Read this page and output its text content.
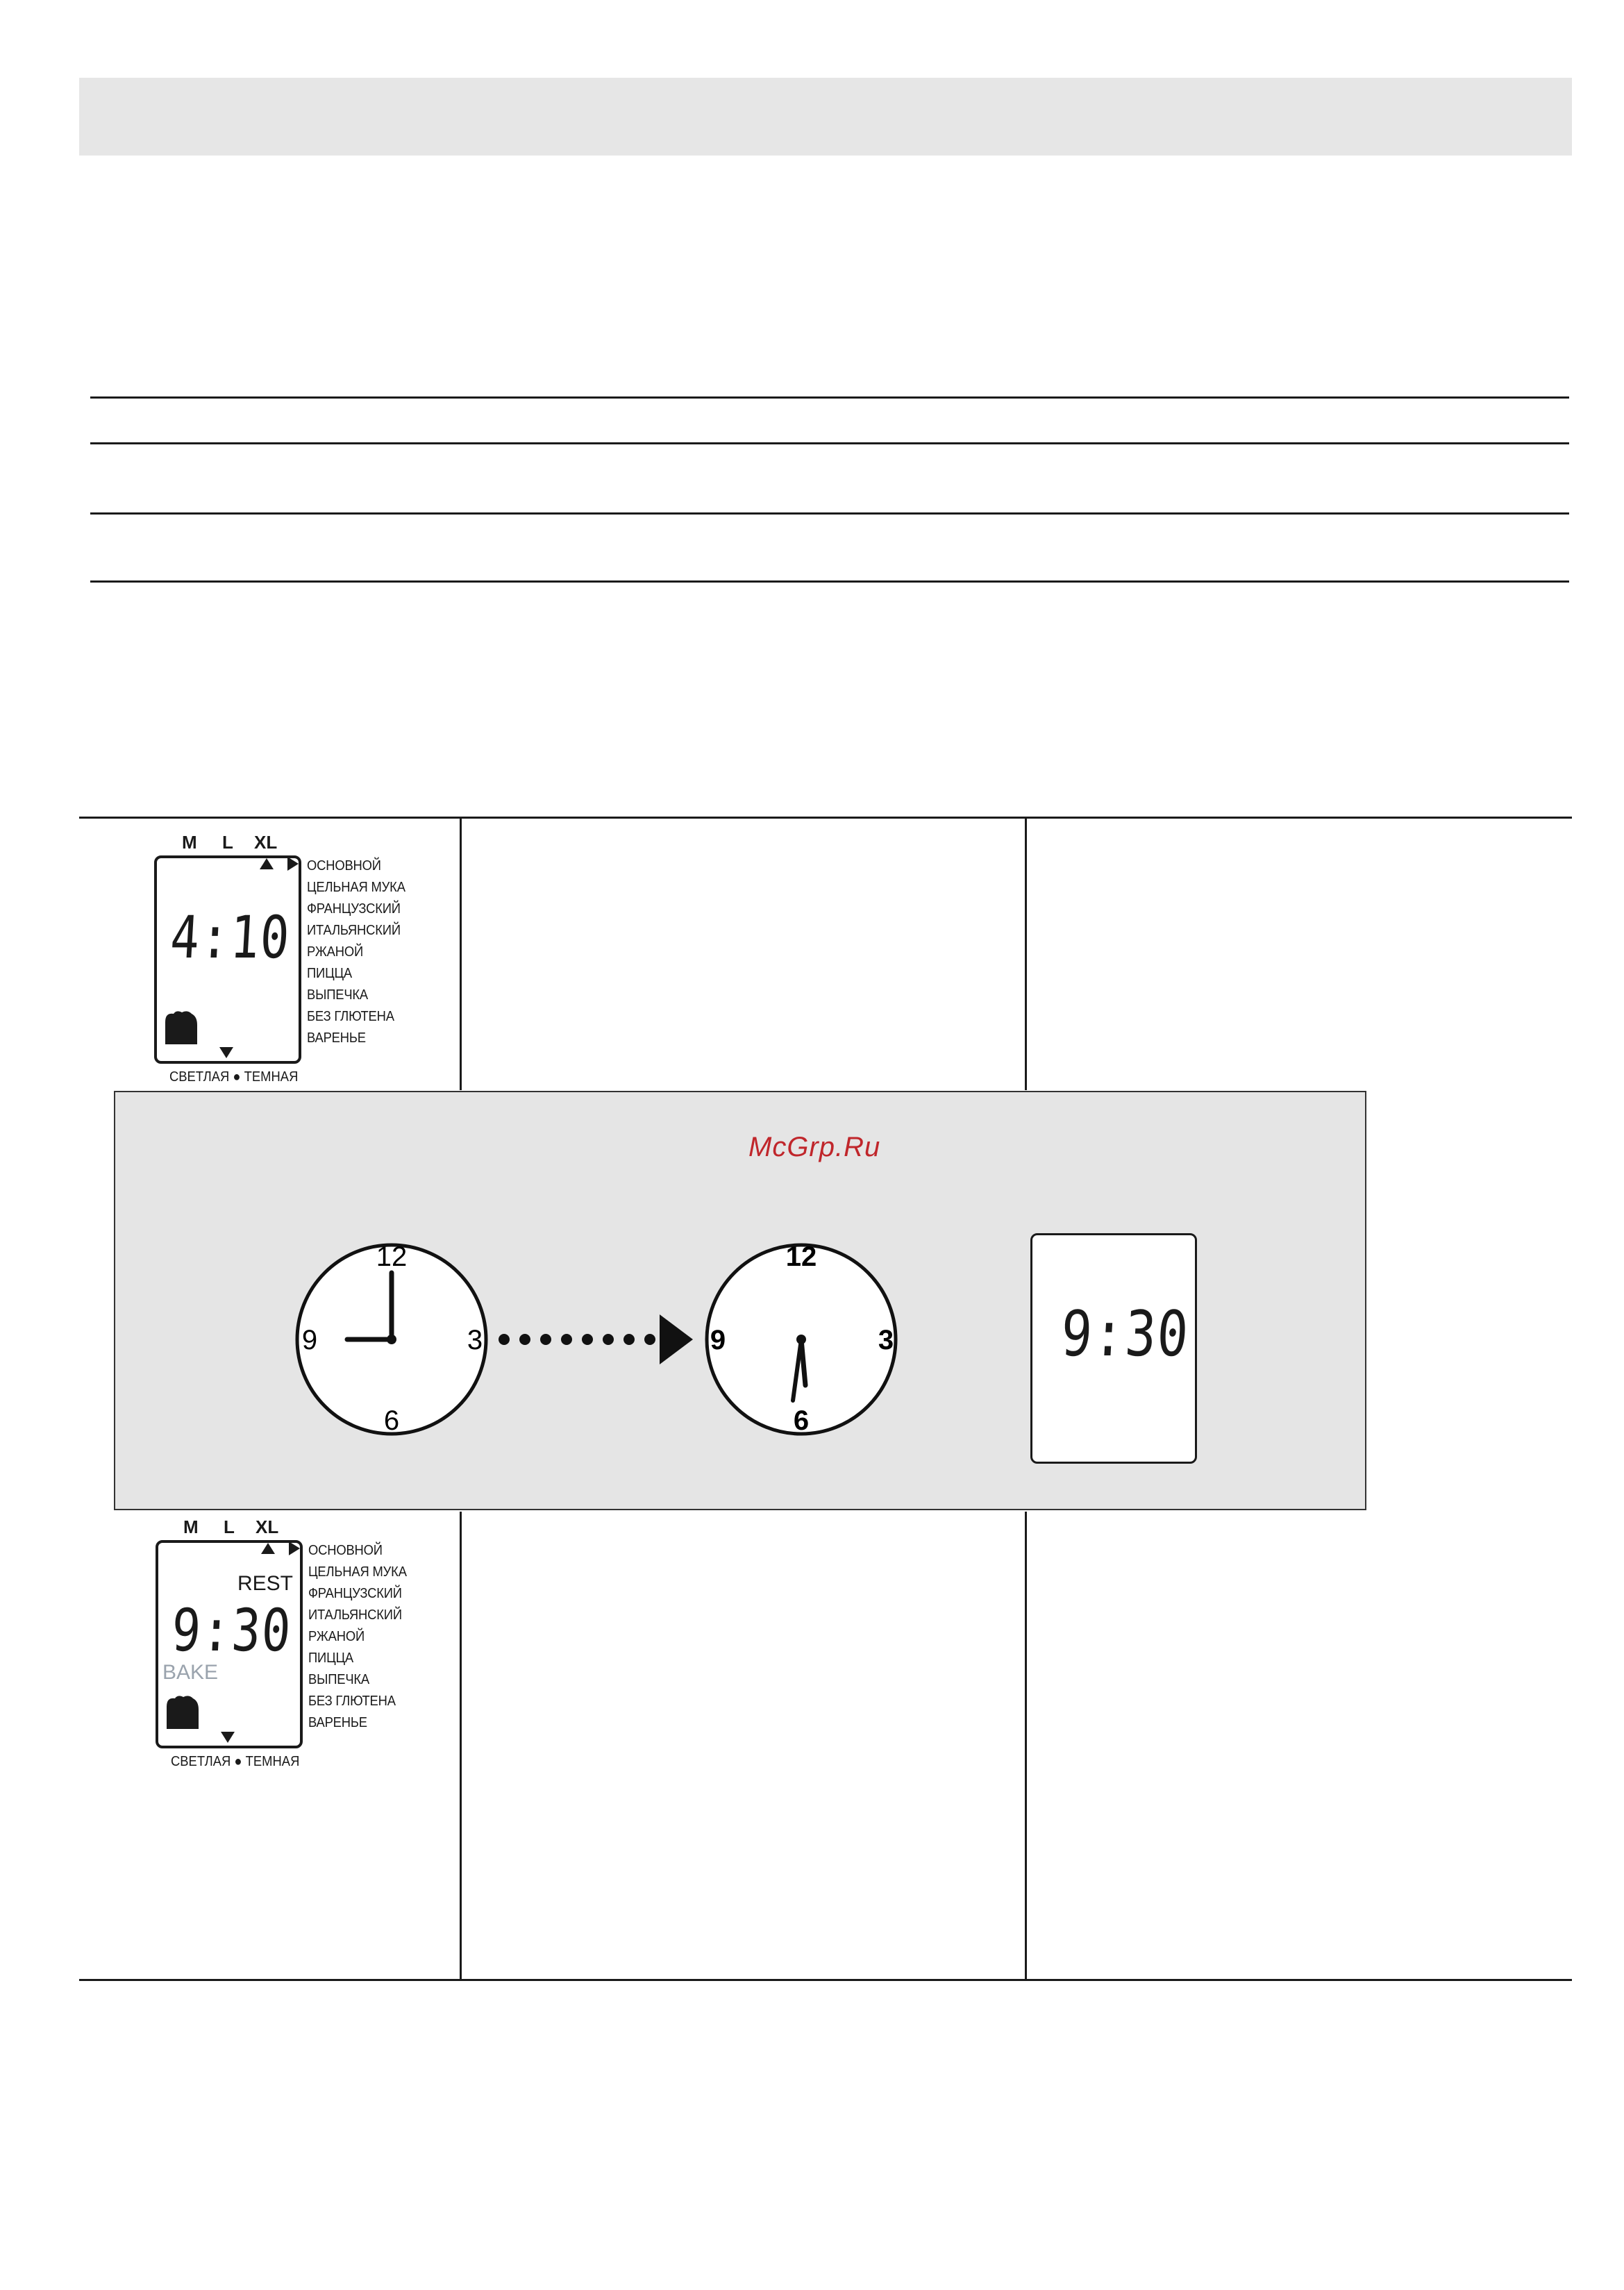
M L XL
4:10
ОСНОВНОЙ
ЦЕЛЬНАЯ МУКА
ФРАНЦУЗСКИЙ
ИТАЛЬЯНСКИЙ
РЖАНОЙ
ПИЦЦА
ВЫПЕЧКА
БЕЗ ГЛЮТЕНА
ВАРЕНЬЕ
СВЕТЛАЯ ● ТЕМНАЯ
McGrp.Ru
12
3
6
9
12
3
6
9	9:30
M L XL
REST
9:30
BAKE
ОСНОВНОЙ
ЦЕЛЬНАЯ МУКА
ФРАНЦУЗСКИЙ
ИТАЛЬЯНСКИЙ
РЖАНОЙ
ПИЦЦА
ВЫПЕЧКА
БЕЗ ГЛЮТЕНА
ВАРЕНЬЕ
СВЕТЛАЯ ● ТЕМНАЯ
